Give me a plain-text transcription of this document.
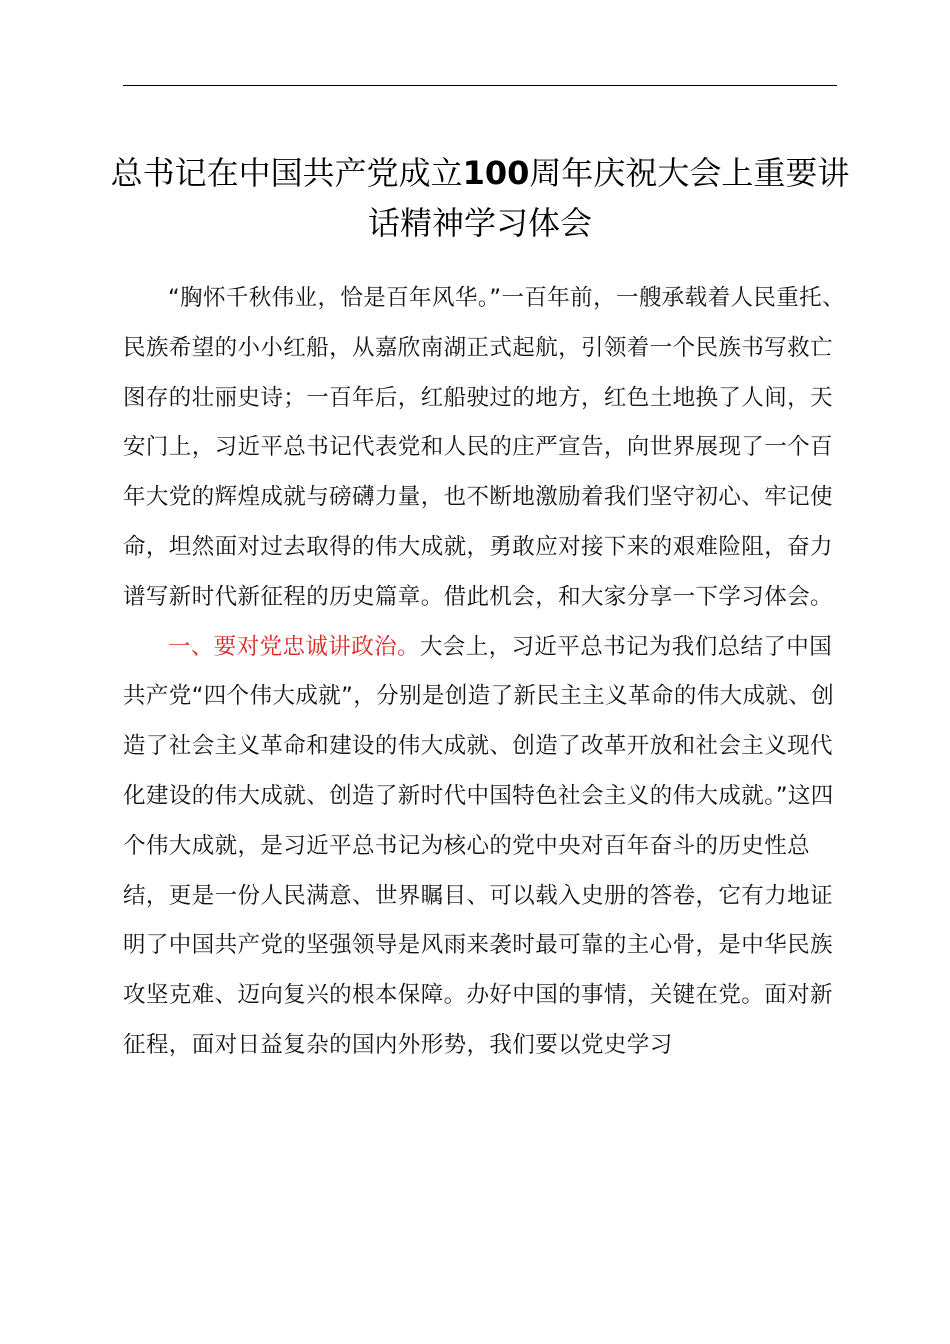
总书记在中国共产党成立100周年庆祝大会上重要讲话精神学习体会

“胸怀千秋伟业，恰是百年风华。”一百年前，一艘承载着人民重托、民族希望的小小红船，从嘉欣南湖正式起航，引领着一个民族书写救亡图存的壮丽史诗；一百年后，红船驶过的地方，红色土地换了人间，天安门上，习近平总书记代表党和人民的庄严宣告，向世界展现了一个百年大党的辉煌成就与磅礴力量，也不断地激励着我们坚守初心、牢记使命，坦然面对过去取得的伟大成就，勇敢应对接下来的艰难险阻，奋力谱写新时代新征程的历史篇章。借此机会，和大家分享一下学习体会。

一、要对党忠诚讲政治。大会上，习近平总书记为我们总结了中国共产党“四个伟大成就”，分别是创造了新民主主义革命的伟大成就、创造了社会主义革命和建设的伟大成就、创造了改革开放和社会主义现代化建设的伟大成就、创造了新时代中国特色社会主义的伟大成就。”这四个伟大成就，是习近平总书记为核心的党中央对百年奋斗的历史性总结，更是一份人民满意、世界瞩目、可以载入史册的答卷，它有力地证明了中国共产党的坚强领导是风雨来袭时最可靠的主心骨，是中华民族攻坚克难、迈向复兴的根本保障。办好中国的事情，关键在党。面对新征程，面对日益复杂的国内外形势，我们要以党史学习
